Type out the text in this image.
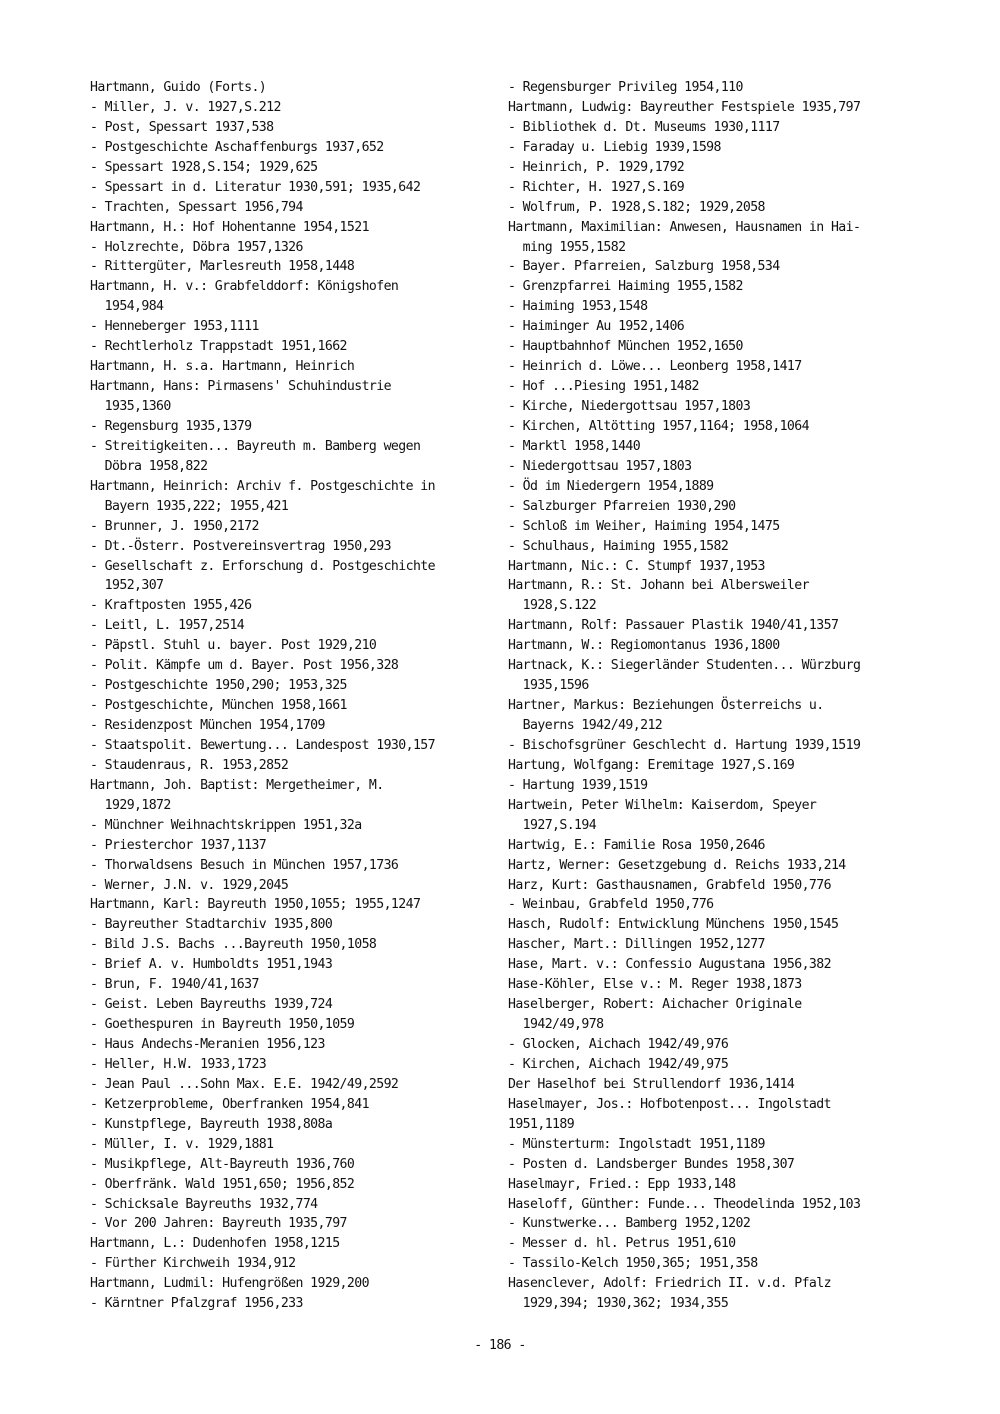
Hartmann, Guido (Forts.)
- Miller, J. v. 1927,S.212
- Post, Spessart 1937,538
- Postgeschichte Aschaffenburgs 1937,652
- Spessart 1928,S.154; 1929,625
- Spessart in d. Literatur 1930,591; 1935,642
- Trachten, Spessart 1956,794
Hartmann, H.: Hof Hohentanne 1954,1521
- Holzrechte, Döbra 1957,1326
- Rittergüter, Marlesreuth 1958,1448
Hartmann, H. v.: Grabfelddorf: Königshofen
1954,984
- Henneberger 1953,1111
- Rechtlerholz Trappstadt 1951,1662
Hartmann, H. s.a. Hartmann, Heinrich
Hartmann, Hans: Pirmasens' Schuhindustrie
1935,1360
- Regensburg 1935,1379
- Streitigkeiten... Bayreuth m. Bamberg wegen
Döbra 1958,822
Hartmann, Heinrich: Archiv f. Postgeschichte in
Bayern 1935,222; 1955,421
- Brunner, J. 1950,2172
- Dt.-Österr. Postvereinsvertrag 1950,293
- Gesellschaft z. Erforschung d. Postgeschichte
1952,307
- Kraftposten 1955,426
- Leitl, L. 1957,2514
- Päpstl. Stuhl u. bayer. Post 1929,210
- Polit. Kämpfe um d. Bayer. Post 1956,328
- Postgeschichte 1950,290; 1953,325
- Postgeschichte, München 1958,1661
- Residenzpost München 1954,1709
- Staatspolit. Bewertung... Landespost 1930,157
- Staudenraus, R. 1953,2852
Hartmann, Joh. Baptist: Mergetheimer, M.
1929,1872
- Münchner Weihnachtskrippen 1951,32a
- Priesterchor 1937,1137
- Thorwaldsens Besuch in München 1957,1736
- Werner, J.N. v. 1929,2045
Hartmann, Karl: Bayreuth 1950,1055; 1955,1247
- Bayreuther Stadtarchiv 1935,800
- Bild J.S. Bachs ...Bayreuth 1950,1058
- Brief A. v. Humboldts 1951,1943
- Brun, F. 1940/41,1637
- Geist. Leben Bayreuths 1939,724
- Goethespuren in Bayreuth 1950,1059
- Haus Andechs-Meranien 1956,123
- Heller, H.W. 1933,1723
- Jean Paul ...Sohn Max. E.E. 1942/49,2592
- Ketzerprobleme, Oberfranken 1954,841
- Kunstpflege, Bayreuth 1938,808a
- Müller, I. v. 1929,1881
- Musikpflege, Alt-Bayreuth 1936,760
- Oberfränk. Wald 1951,650; 1956,852
- Schicksale Bayreuths 1932,774
- Vor 200 Jahren: Bayreuth 1935,797
Hartmann, L.: Dudenhofen 1958,1215
- Fürther Kirchweih 1934,912
Hartmann, Ludmil: Hufengrößen 1929,200
- Kärntner Pfalzgraf 1956,233
- Regensburger Privileg 1954,110
Hartmann, Ludwig: Bayreuther Festspiele 1935,797
- Bibliothek d. Dt. Museums 1930,1117
- Faraday u. Liebig 1939,1598
- Heinrich, P. 1929,1792
- Richter, H. 1927,S.169
- Wolfrum, P. 1928,S.182; 1929,2058
Hartmann, Maximilian: Anwesen, Hausnamen in Hai-
ming 1955,1582
- Bayer. Pfarreien, Salzburg 1958,534
- Grenzpfarrei Haiming 1955,1582
- Haiming 1953,1548
- Haiminger Au 1952,1406
- Hauptbahnhof München 1952,1650
- Heinrich d. Löwe... Leonberg 1958,1417
- Hof ...Piesing 1951,1482
- Kirche, Niedergottsau 1957,1803
- Kirchen, Altötting 1957,1164; 1958,1064
- Marktl 1958,1440
- Niedergottsau 1957,1803
- Öd im Niedergern 1954,1889
- Salzburger Pfarreien 1930,290
- Schloß im Weiher, Haiming 1954,1475
- Schulhaus, Haiming 1955,1582
Hartmann, Nic.: C. Stumpf 1937,1953
Hartmann, R.: St. Johann bei Albersweiler
1928,S.122
Hartmann, Rolf: Passauer Plastik 1940/41,1357
Hartmann, W.: Regiomontanus 1936,1800
Hartnack, K.: Siegerländer Studenten... Würzburg
1935,1596
Hartner, Markus: Beziehungen Österreichs u.
Bayerns 1942/49,212
- Bischofsgrüner Geschlecht d. Hartung 1939,1519
Hartung, Wolfgang: Eremitage 1927,S.169
- Hartung 1939,1519
Hartwein, Peter Wilhelm: Kaiserdom, Speyer
1927,S.194
Hartwig, E.: Familie Rosa 1950,2646
Hartz, Werner: Gesetzgebung d. Reichs 1933,214
Harz, Kurt: Gasthausnamen, Grabfeld 1950,776
- Weinbau, Grabfeld 1950,776
Hasch, Rudolf: Entwicklung Münchens 1950,1545
Hascher, Mart.: Dillingen 1952,1277
Hase, Mart. v.: Confessio Augustana 1956,382
Hase-Köhler, Else v.: M. Reger 1938,1873
Haselberger, Robert: Aichacher Originale
1942/49,978
- Glocken, Aichach 1942/49,976
- Kirchen, Aichach 1942/49,975
Der Haselhof bei Strullendorf 1936,1414
Haselmayer, Jos.: Hofbotenpost... Ingolstadt
1951,1189
- Münsterturm: Ingolstadt 1951,1189
- Posten d. Landsberger Bundes 1958,307
Haselmayr, Fried.: Epp 1933,148
Haseloff, Günther: Funde... Theodelinda 1952,103
- Kunstwerke... Bamberg 1952,1202
- Messer d. hl. Petrus 1951,610
- Tassilo-Kelch 1950,365; 1951,358
Hasenclever, Adolf: Friedrich II. v.d. Pfalz
1929,394; 1930,362; 1934,355
- 186 -
